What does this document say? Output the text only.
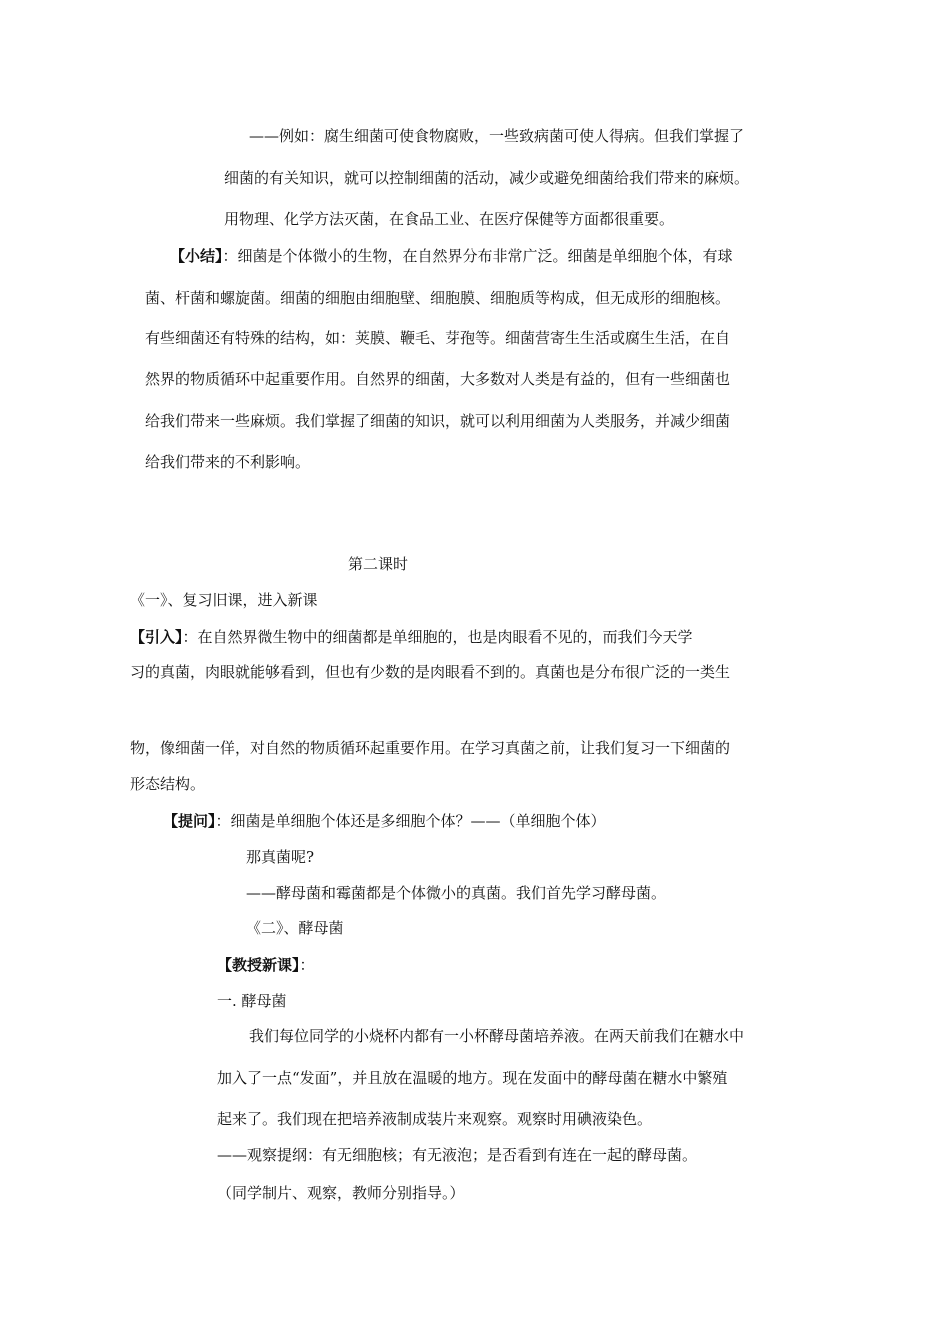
——例如：腐生细菌可使食物腐败，一些致病菌可使人得病。但我们掌握了
细菌的有关知识，就可以控制细菌的活动，减少或避免细菌给我们带来的麻烦。
用物理、化学方法灭菌，在食品工业、在医疗保健等方面都很重要。
【小结】：细菌是个体微小的生物，在自然界分布非常广泛。细菌是单细胞个体，有球
菌、杆菌和螺旋菌。细菌的细胞由细胞壁、细胞膜、细胞质等构成，但无成形的细胞核。
有些细菌还有特殊的结构，如：荚膜、鞭毛、芽孢等。细菌营寄生生活或腐生生活，在自
然界的物质循环中起重要作用。自然界的细菌，大多数对人类是有益的，但有一些细菌也
给我们带来一些麻烦。我们掌握了细菌的知识，就可以利用细菌为人类服务，并减少细菌
给我们带来的不利影响。
第二课时
《一》、复习旧课，进入新课
【引入】：在自然界微生物中的细菌都是单细胞的，也是肉眼看不见的，而我们今天学
习的真菌，肉眼就能够看到，但也有少数的是肉眼看不到的。真菌也是分布很广泛的一类生
物，像细菌一佯，对自然的物质循环起重要作用。在学习真菌之前，让我们复习一下细菌的
形态结构。
【提问】：细菌是单细胞个体还是多细胞个体？——（单细胞个体）
那真菌呢?
——酵母菌和霉菌都是个体微小的真菌。我们首先学习酵母菌。
《二》、酵母菌
【教授新课】：
一. 酵母菌
我们每位同学的小烧杯内都有一小杯酵母菌培养液。在两天前我们在糖水中
加入了一点“发面”，并且放在温暖的地方。现在发面中的酵母菌在糖水中繁殖
起来了。我们现在把培养液制成装片来观察。观察时用碘液染色。
——观察提纲：有无细胞核；有无液泡；是否看到有连在一起的酵母菌。
（同学制片、观察，教师分别指导。）
